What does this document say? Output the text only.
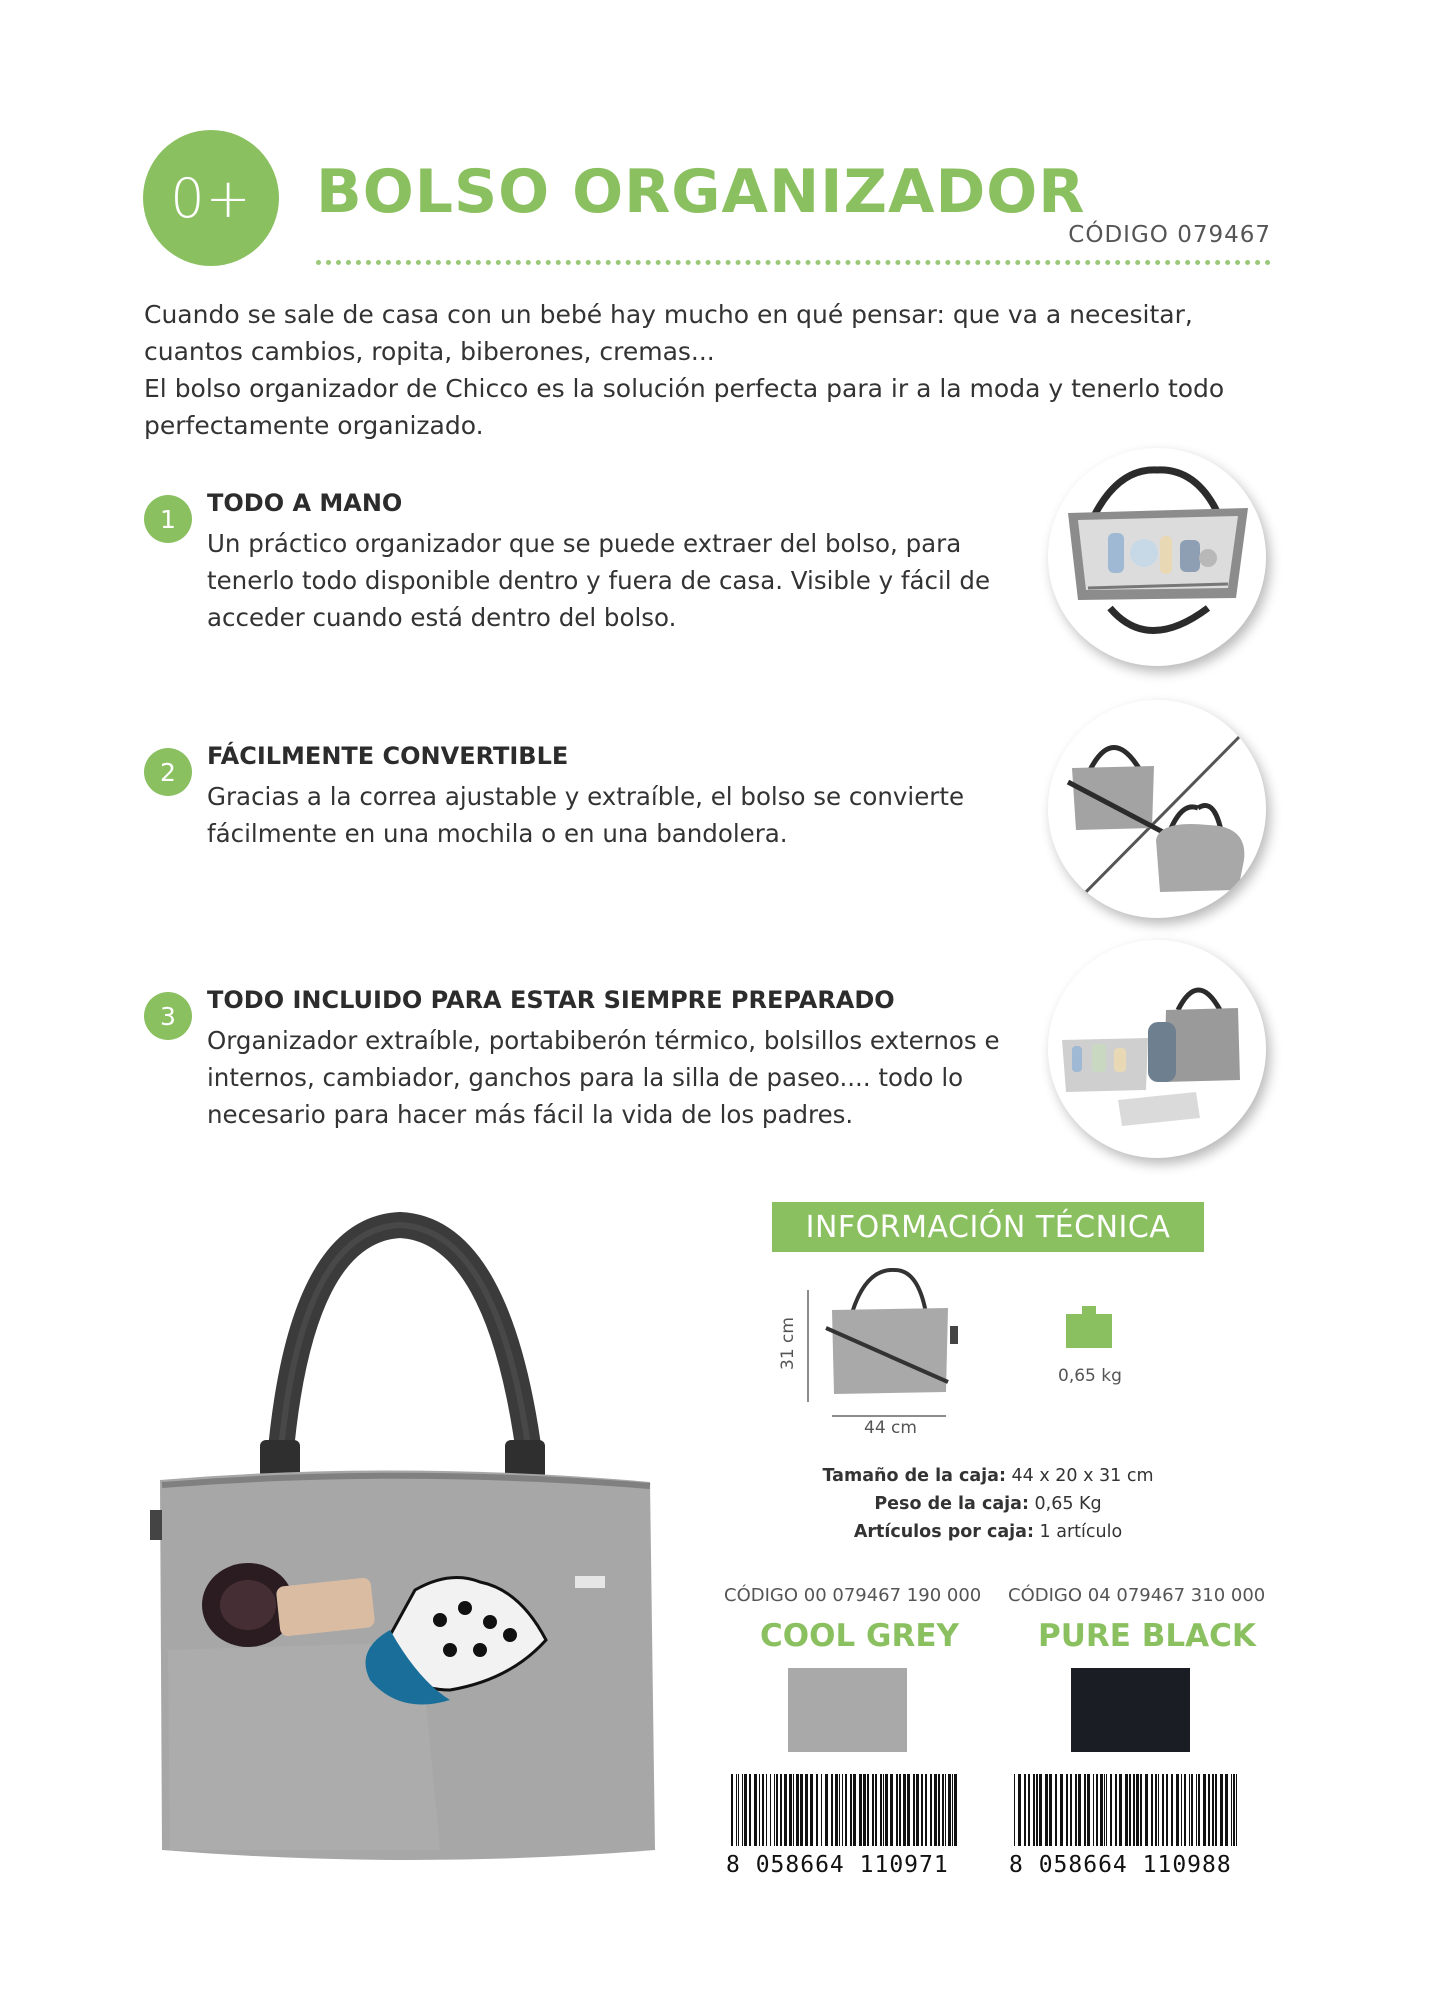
0+	BOLSO ORGANIZADOR
CÓDIGO 079467

Cuando se sale de casa con un bebé hay mucho en qué pensar: que va a necesitar, cuantos cambios, ropita, biberones, cremas...

El bolso organizador de Chicco es la solución perfecta para ir a la moda y tenerlo todo perfectamente organizado.

1
TODO A MANO

Un práctico organizador que se puede extraer del bolso, para tenerlo todo disponible dentro y fuera de casa. Visible y fácil de acceder cuando está dentro del bolso.

2
FÁCILMENTE CONVERTIBLE

Gracias a la correa ajustable y extraíble, el bolso se convierte fácilmente en una mochila o en una bandolera.

3
TODO INCLUIDO PARA ESTAR SIEMPRE PREPARADO

Organizador extraíble, portabiberón térmico, bolsillos externos e internos, cambiador, ganchos para la silla de paseo.... todo lo necesario para hacer más fácil la vida de los padres.

INFORMACIÓN TÉCNICA
31 cm
44 cm
0,65 kg
Tamaño de la caja: 44 x 20 x 31 cm
Peso de la caja: 0,65 Kg
Artículos por caja: 1 artículo
CÓDIGO 00 079467 190 000
COOL GREY
8 058664 110971
CÓDIGO 04 079467 310 000
PURE BLACK
8 058664 110988
